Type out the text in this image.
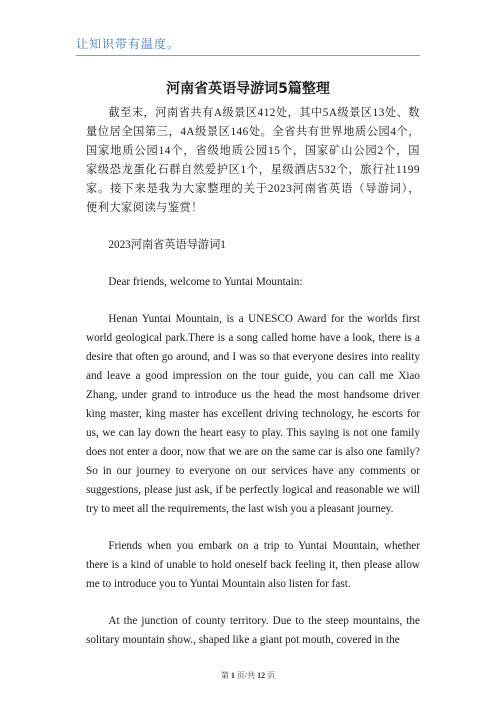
让知识带有温度。
河南省英语导游词5篇整理

截至末，河南省共有A级景区412处，其中5A级景区13处、数量位居全国第三，4A级景区146处。全省共有世界地质公园4个，国家地质公园14个，省级地质公园15个，国家矿山公园2个，国家级恐龙蛋化石群自然爱护区1个，星级酒店532个，旅行社1199家。接下来是我为大家整理的关于2023河南省英语（导游词），便利大家阅读与鉴赏！

2023河南省英语导游词1

Dear friends, welcome to Yuntai Mountain:

Henan Yuntai Mountain, is a UNESCO Award for the worlds first world geological park.There is a song called home have a look, there is a desire that often go around, and I was so that everyone desires into reality and leave a good impression on the tour guide, you can call me Xiao Zhang, under grand to introduce us the head the most handsome driver king master, king master has excellent driving technology, he escorts for us, we can lay down the heart easy to play. This saying is not one family does not enter a door, now that we are on the same car is also one family? So in our journey to everyone on our services have any comments or suggestions, please just ask, if be perfectly logical and reasonable we will try to meet all the requirements, the last wish you a pleasant journey.

Friends when you embark on a trip to Yuntai Mountain, whether there is a kind of unable to hold oneself back feeling it, then please allow me to introduce you to Yuntai Mountain also listen for fast.

At the junction of county territory. Due to the steep mountains, the solitary mountain show., shaped like a giant pot mouth, covered in the

第 1 页/共 12 页
